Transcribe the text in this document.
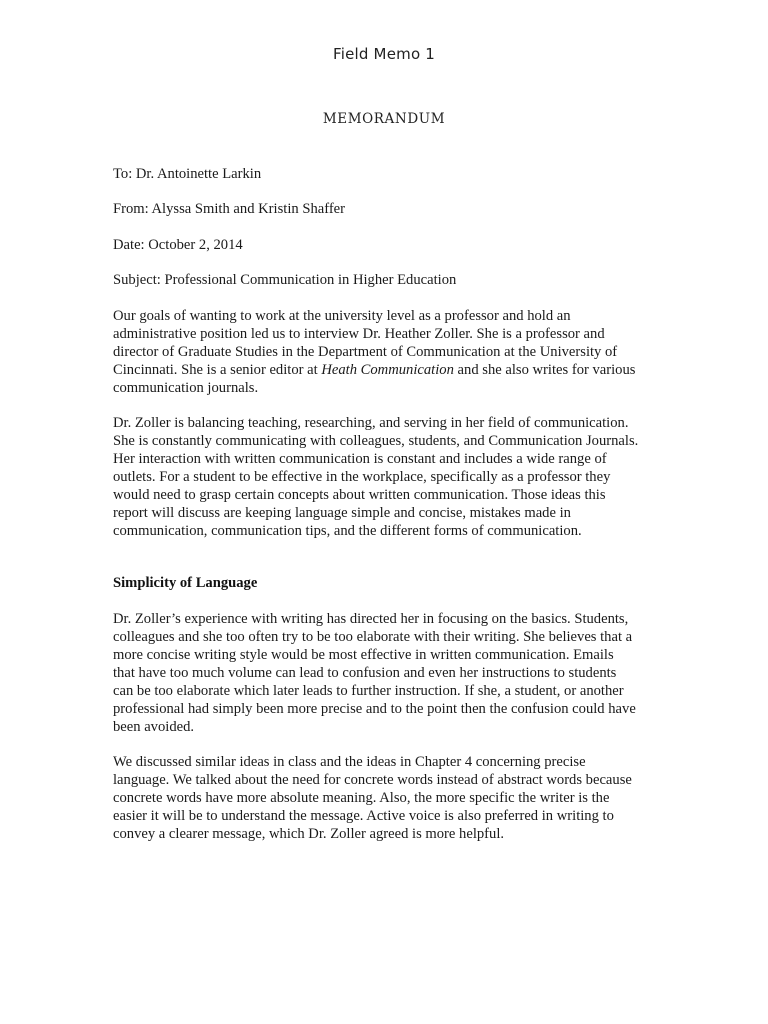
Field Memo 1
MEMORANDUM
To: Dr. Antoinette Larkin
From: Alyssa Smith and Kristin Shaffer
Date: October 2, 2014
Subject: Professional Communication in Higher Education
Our goals of wanting to work at the university level as a professor and hold an
administrative position led us to interview Dr. Heather Zoller. She is a professor and
director of Graduate Studies in the Department of Communication at the University of
Cincinnati. She is a senior editor at Heath Communication and she also writes for various
communication journals.
Dr. Zoller is balancing teaching, researching, and serving in her field of communication.
She is constantly communicating with colleagues, students, and Communication Journals.
Her interaction with written communication is constant and includes a wide range of
outlets. For a student to be effective in the workplace, specifically as a professor they
would need to grasp certain concepts about written communication. Those ideas this
report will discuss are keeping language simple and concise, mistakes made in
communication, communication tips, and the different forms of communication.
Simplicity of Language
Dr. Zoller’s experience with writing has directed her in focusing on the basics. Students,
colleagues and she too often try to be too elaborate with their writing. She believes that a
more concise writing style would be most effective in written communication. Emails
that have too much volume can lead to confusion and even her instructions to students
can be too elaborate which later leads to further instruction. If she, a student, or another
professional had simply been more precise and to the point then the confusion could have
been avoided.
We discussed similar ideas in class and the ideas in Chapter 4 concerning precise
language. We talked about the need for concrete words instead of abstract words because
concrete words have more absolute meaning. Also, the more specific the writer is the
easier it will be to understand the message. Active voice is also preferred in writing to
convey a clearer message, which Dr. Zoller agreed is more helpful.
